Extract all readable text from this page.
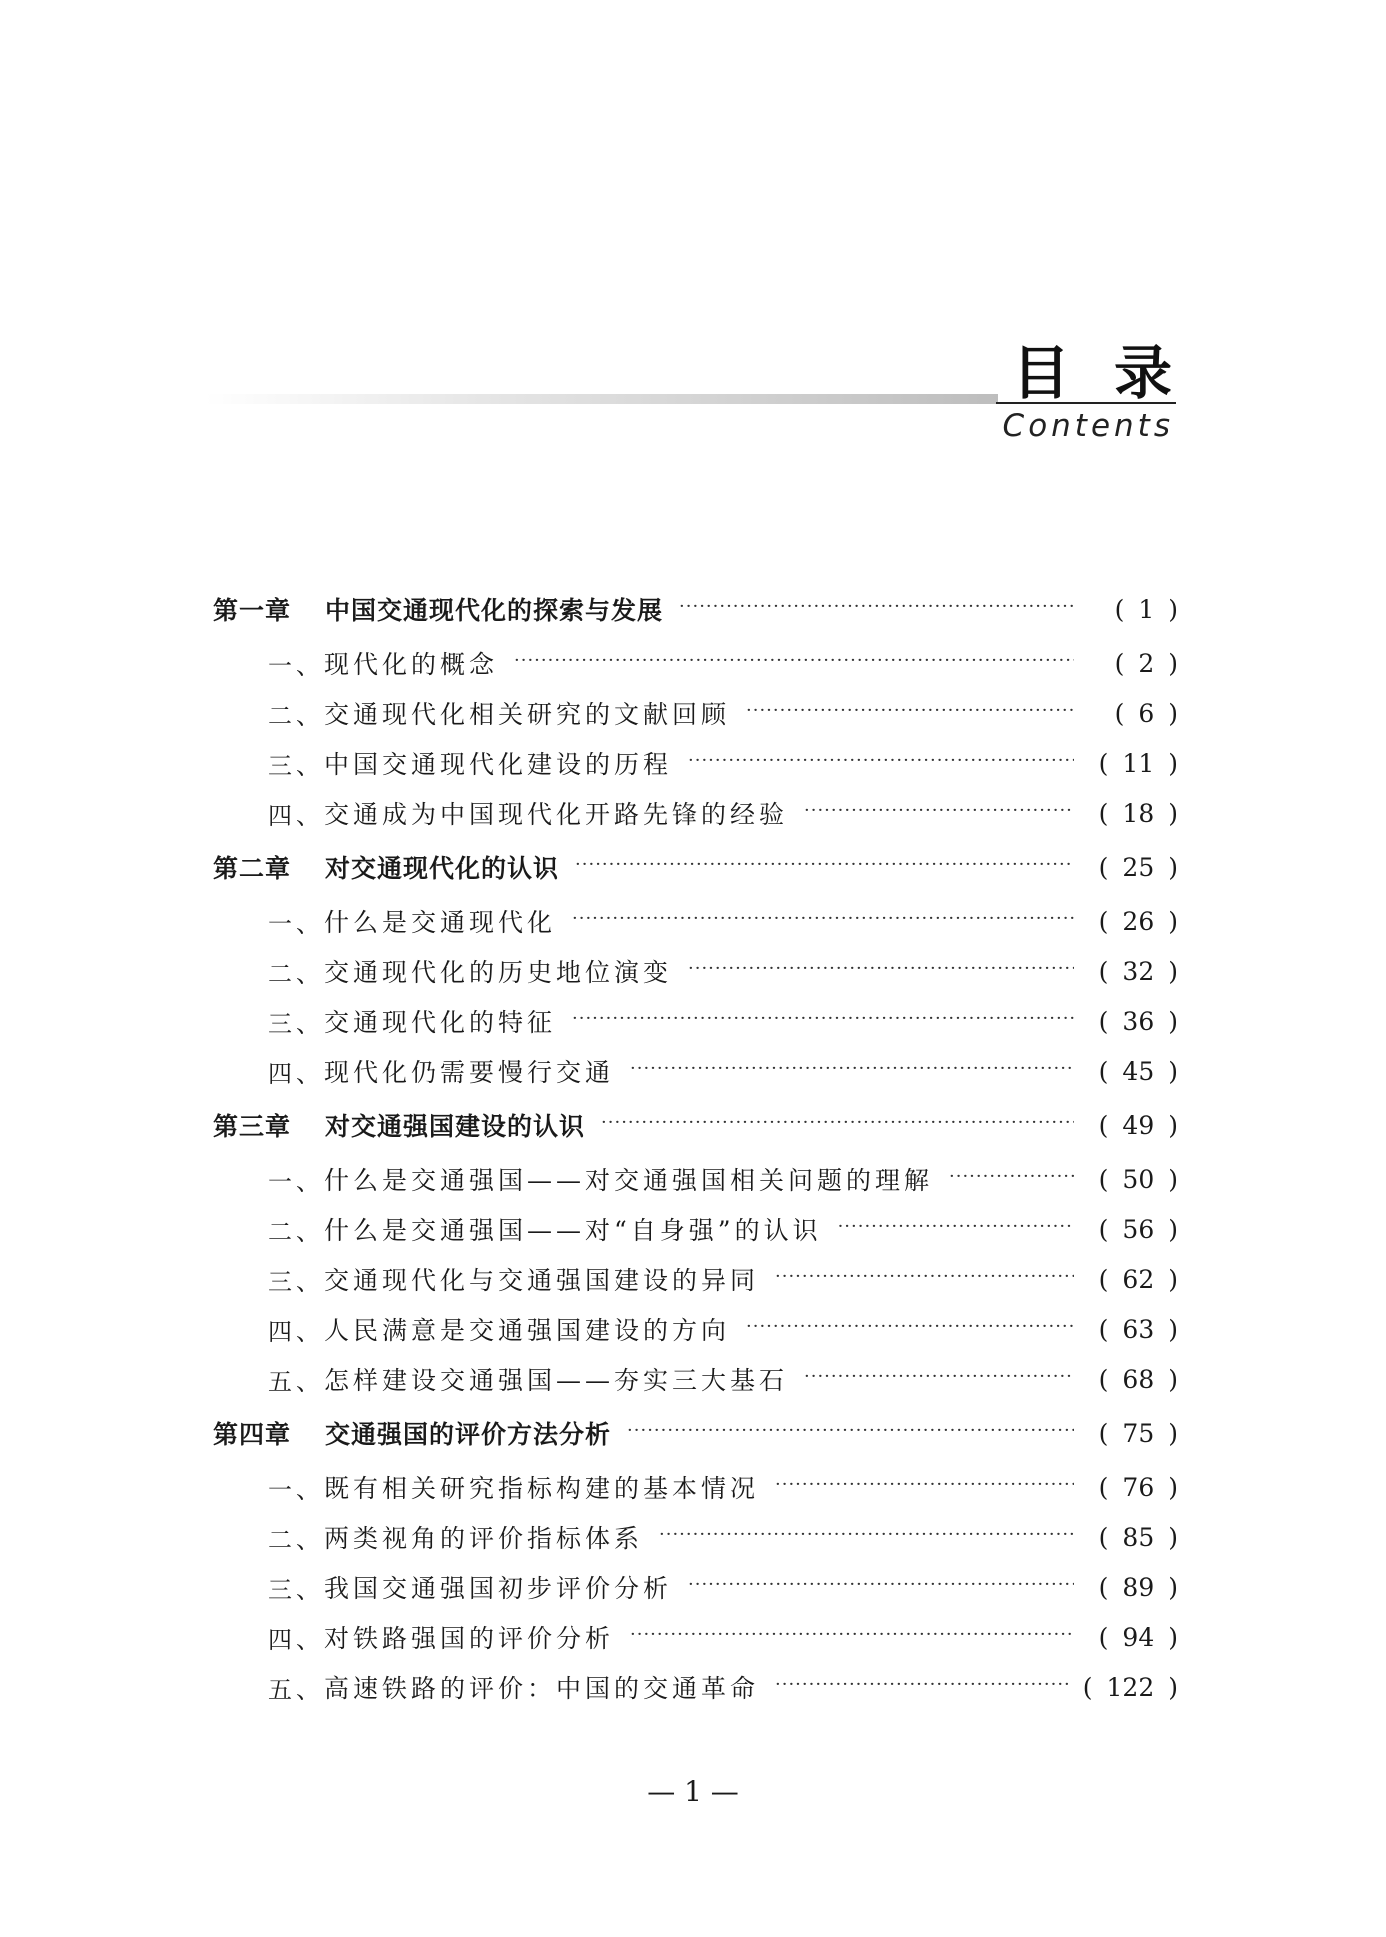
目录
Contents
第一章 中国交通现代化的探索与发展 ·····	( 1 )
一、 现代化的概念 ·····	( 2 )
二、 交通现代化相关研究的文献回顾 ·····	( 6 )
三、 中国交通现代化建设的历程 ·····	( 11 )
四、 交通成为中国现代化开路先锋的经验 ·····	( 18 )
第二章 对交通现代化的认识 ·····	( 25 )
一、 什么是交通现代化 ·····	( 26 )
二、 交通现代化的历史地位演变 ·····	( 32 )
三、 交通现代化的特征 ·····	( 36 )
四、 现代化仍需要慢行交通 ·····	( 45 )
第三章 对交通强国建设的认识 ·····	( 49 )
一、 什么是交通强国——对交通强国相关问题的理解 ·····	( 50 )
二、 什么是交通强国——对“自身强”的认识 ·····	( 56 )
三、 交通现代化与交通强国建设的异同 ·····	( 62 )
四、 人民满意是交通强国建设的方向 ·····	( 63 )
五、 怎样建设交通强国——夯实三大基石 ·····	( 68 )
第四章 交通强国的评价方法分析 ·····	( 75 )
一、 既有相关研究指标构建的基本情况 ·····	( 76 )
二、 两类视角的评价指标体系 ·····	( 85 )
三、 我国交通强国初步评价分析 ·····	( 89 )
四、 对铁路强国的评价分析 ·····	( 94 )
五、 高速铁路的评价：中国的交通革命 ·····	( 122 )
— 1 —
